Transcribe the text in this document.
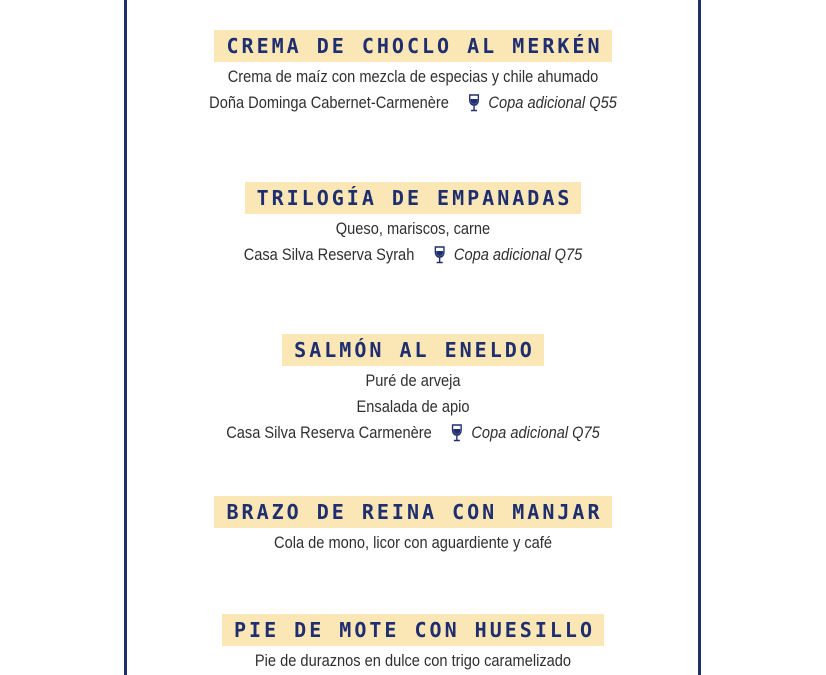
CREMA DE CHOCLO AL MERKÉN
Crema de maíz con mezcla de especias y chile ahumado
Doña Dominga Cabernet-Carmenère Copa adicional Q55
TRILOGÍA DE EMPANADAS
Queso, mariscos, carne
Casa Silva Reserva Syrah Copa adicional Q75
SALMÓN AL ENELDO
Puré de arveja
Ensalada de apio
Casa Silva Reserva Carmenère Copa adicional Q75
BRAZO DE REINA CON MANJAR
Cola de mono, licor con aguardiente y café
PIE DE MOTE CON HUESILLO
Pie de duraznos en dulce con trigo caramelizado
